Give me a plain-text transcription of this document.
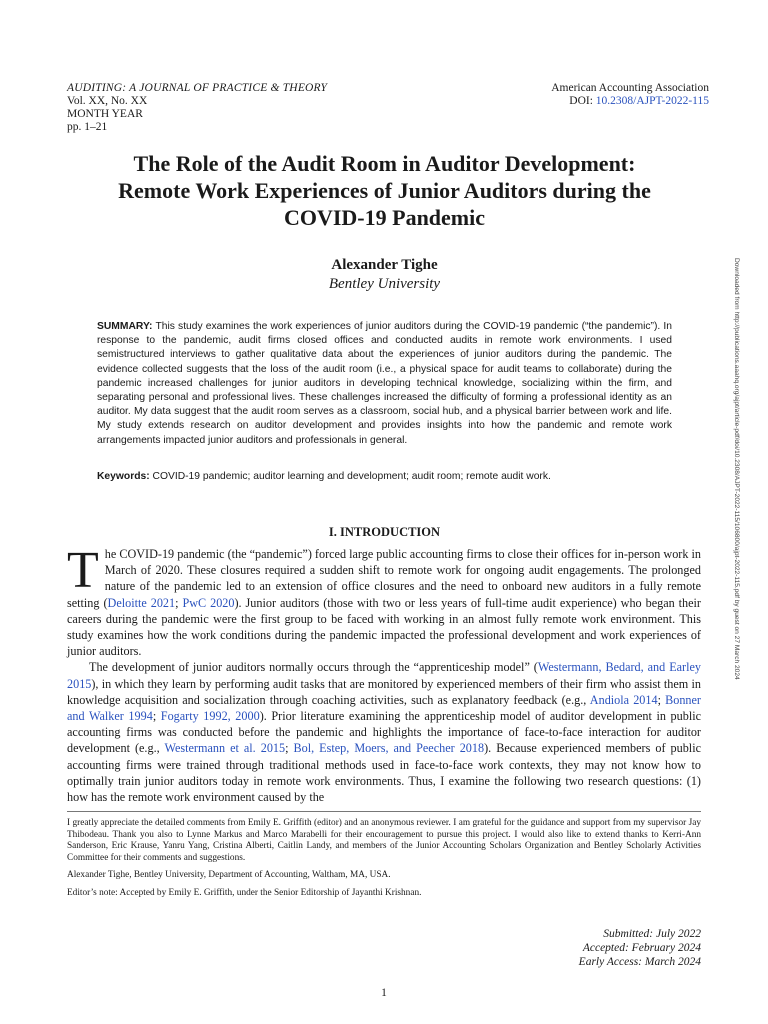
AUDITING: A JOURNAL OF PRACTICE & THEORY
Vol. XX, No. XX
MONTH YEAR
pp. 1–21
American Accounting Association
DOI: 10.2308/AJPT-2022-115
The Role of the Audit Room in Auditor Development:
Remote Work Experiences of Junior Auditors during the
COVID-19 Pandemic
Alexander Tighe
Bentley University

SUMMARY: This study examines the work experiences of junior auditors during the COVID-19 pandemic (“the pandemic”). In response to the pandemic, audit firms closed offices and conducted audits in remote work environments. I used semistructured interviews to gather qualitative data about the experiences of junior auditors during the pandemic. The evidence collected suggests that the loss of the audit room (i.e., a physical space for audit teams to collaborate) during the pandemic increased challenges for junior auditors in developing technical knowledge, socializing within the firm, and separating personal and professional lives. These challenges increased the difficulty of forming a professional identity as an auditor. My data suggest that the audit room serves as a classroom, social hub, and a physical barrier between work and life. My study extends research on auditor development and provides insights into how the pandemic and remote work arrangements impacted junior auditors and professionals in general.

Keywords: COVID-19 pandemic; auditor learning and development; audit room; remote audit work.

I. INTRODUCTION

The COVID-19 pandemic (the “pandemic”) forced large public accounting firms to close their offices for in-person work in March of 2020. These closures required a sudden shift to remote work for ongoing audit engagements. The prolonged nature of the pandemic led to an extension of office closures and the need to onboard new auditors in a fully remote setting (Deloitte 2021; PwC 2020). Junior auditors (those with two or less years of full-time audit experience) who began their careers during the pandemic were the first group to be faced with working in an almost fully remote work environment. This study examines how the work conditions during the pandemic impacted the professional development and work experiences of junior auditors.

The development of junior auditors normally occurs through the “apprenticeship model” (Westermann, Bedard, and Earley 2015), in which they learn by performing audit tasks that are monitored by experienced members of their firm who assist them in knowledge acquisition and socialization through coaching activities, such as explanatory feedback (e.g., Andiola 2014; Bonner and Walker 1994; Fogarty 1992, 2000). Prior literature examining the apprenticeship model of auditor development in public accounting firms was conducted before the pandemic and highlights the importance of face-to-face interaction for auditor development (e.g., Westermann et al. 2015; Bol, Estep, Moers, and Peecher 2018). Because experienced members of public accounting firms were trained through traditional methods used in face-to-face work contexts, they may not know how to optimally train junior auditors today in remote work environments. Thus, I examine the following two research questions: (1) how has the remote work environment caused by the

I greatly appreciate the detailed comments from Emily E. Griffith (editor) and an anonymous reviewer. I am grateful for the guidance and support from my supervisor Jay Thibodeau. Thank you also to Lynne Markus and Marco Marabelli for their encouragement to pursue this project. I would also like to extend thanks to Kerri-Ann Sanderson, Eric Krause, Yanru Yang, Cristina Alberti, Caitlin Landy, and members of the Junior Accounting Scholars Organization and Bentley Scholarly Activities Committee for their comments and suggestions.

Alexander Tighe, Bentley University, Department of Accounting, Waltham, MA, USA.

Editor’s note: Accepted by Emily E. Griffith, under the Senior Editorship of Jayanthi Krishnan.

Submitted: July 2022
Accepted: February 2024
Early Access: March 2024
1
Downloaded from http://publications.aaahq.org/ajpt/article-pdf/doi/10.2308/AJPT-2022-115/106800/ajpt-2022-115.pdf by guest on 27 March 2024
